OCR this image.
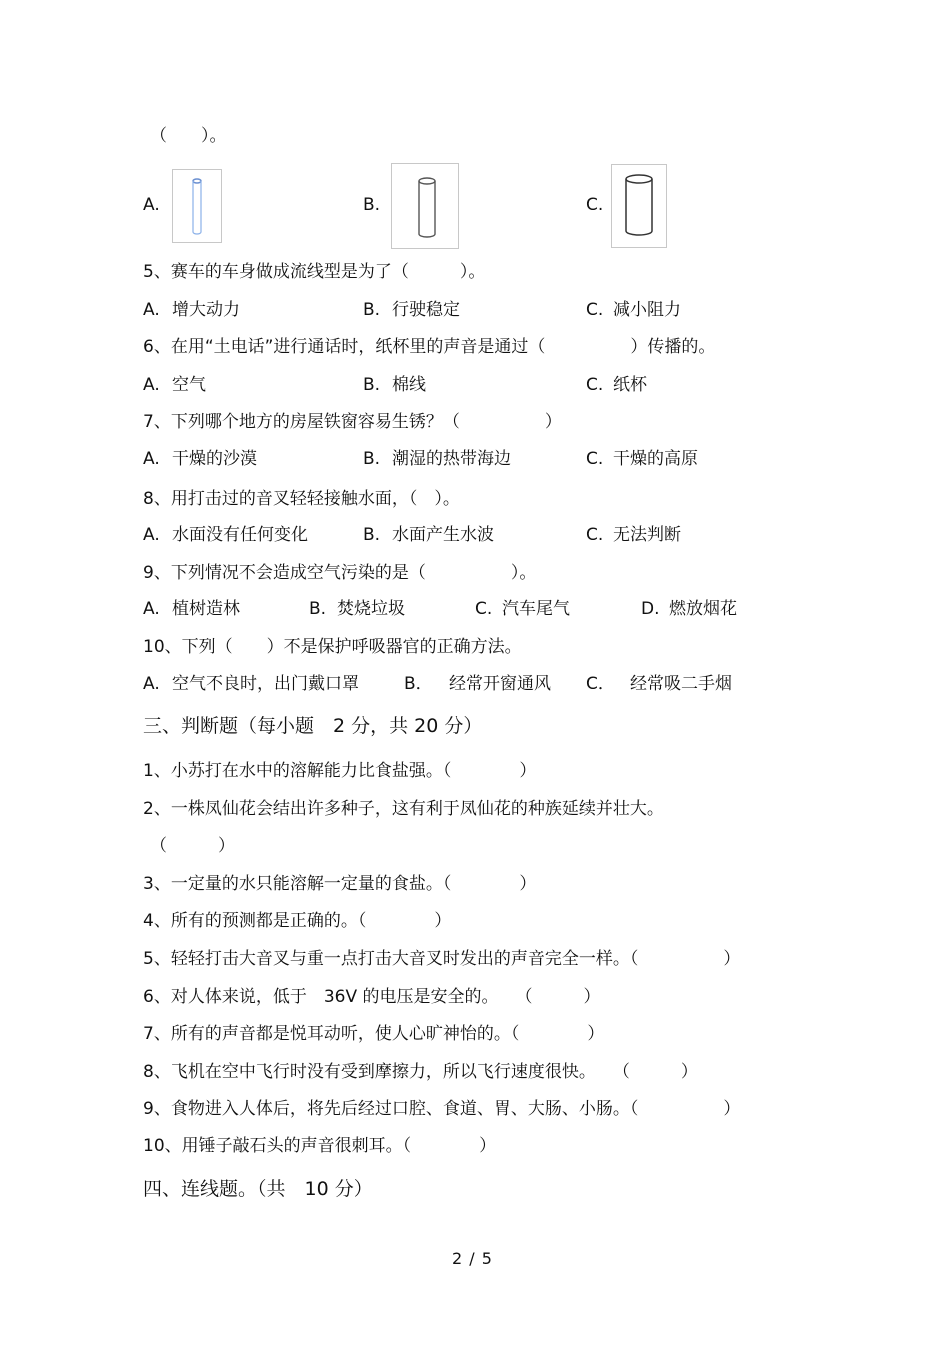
（　　）。
A.	B.	C.
5、赛车的车身做成流线型是为了（　　　）。
A. 增大动力	B. 行驶稳定	C. 减小阻力
6、在用“土电话”进行通话时，纸杯里的声音是通过（　　　　　）传播的。
A. 空气	B. 棉线	C. 纸杯
7、下列哪个地方的房屋铁窗容易生锈？（　　　　　）
A. 干燥的沙漠	B. 潮湿的热带海边	C. 干燥的高原
8、用打击过的音叉轻轻接触水面，（　）。
A. 水面没有任何变化	B. 水面产生水波	C. 无法判断
9、下列情况不会造成空气污染的是（　　　　　）。
A. 植树造林	B. 焚烧垃圾	C. 汽车尾气	D. 燃放烟花
10、下列（　　）不是保护呼吸器官的正确方法。
A. 空气不良时，出门戴口罩	B． 经常开窗通风 C． 经常吸二手烟
三、判断题（每小题　2 分，共 20 分）
1、小苏打在水中的溶解能力比食盐强。（　　　　）
2、一株凤仙花会结出许多种子，这有利于凤仙花的种族延续并壮大。
（　　　）
3、一定量的水只能溶解一定量的食盐。（　　　　）
4、所有的预测都是正确的。（　　　　）
5、轻轻打击大音叉与重一点打击大音叉时发出的声音完全一样。（　　　　　）
6、对人体来说，低于　36V 的电压是安全的。　　（　　　）
7、所有的声音都是悦耳动听，使人心旷神怡的。（　　　　）
8、飞机在空中飞行时没有受到摩擦力，所以飞行速度很快。　　（　　　）
9、食物进入人体后，将先后经过口腔、食道、胃、大肠、小肠。（　　　　　）
10、用锤子敲石头的声音很刺耳。（　　　　）
四、连线题。（共　10 分）
2 / 5
